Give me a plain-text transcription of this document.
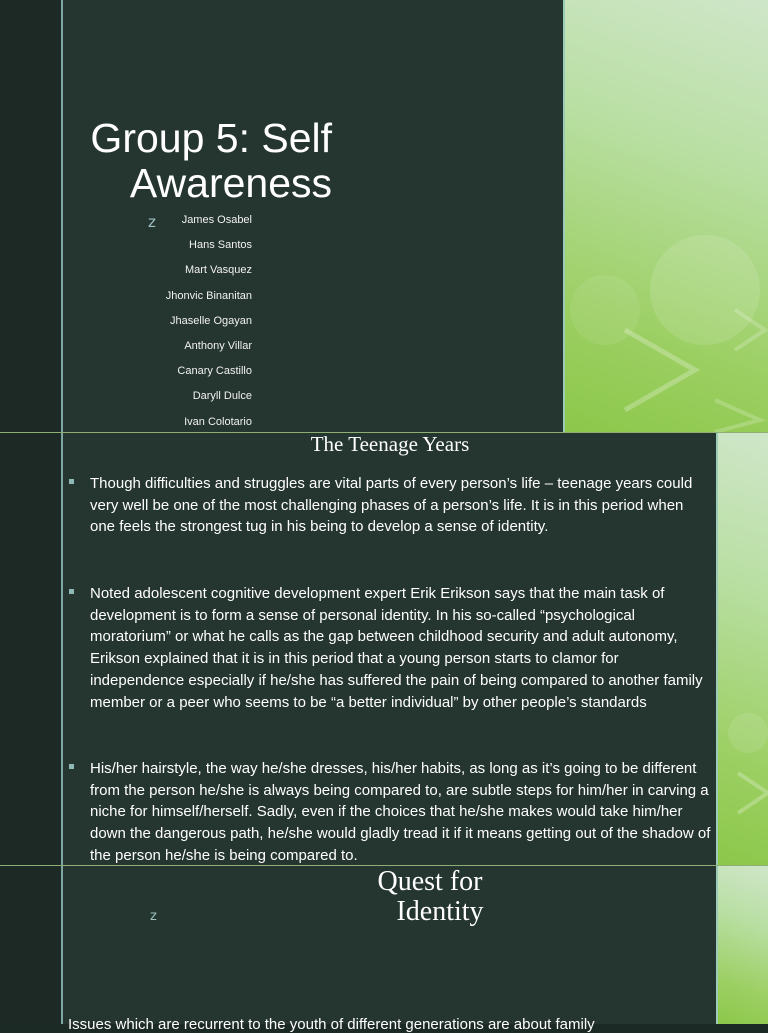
Group 5: Self
Awareness
z	James Osabel
Hans Santos
Mart Vasquez
Jhonvic Binanitan
Jhaselle Ogayan
Anthony Villar
Canary Castillo
Daryll Dulce
Ivan Colotario
The Teenage Years
Though difficulties and struggles are vital parts of every person’s life – teenage years could very well be one of the most challenging phases of a person’s life. It is in this period when one feels the strongest tug in his being to develop a sense of identity.
Noted adolescent cognitive development expert Erik Erikson says that the main task of development is to form a sense of personal identity. In his so-called “psychological moratorium” or what he calls as the gap between childhood security and adult autonomy, Erikson explained that it is in this period that a young person starts to clamor for independence especially if he/she has suffered the pain of being compared to another family member or a peer who seems to be “a better individual” by other people’s standards
His/her hairstyle, the way he/she dresses, his/her habits, as long as it’s going to be different from the person he/she is always being compared to, are subtle steps for him/her in carving a niche for himself/herself. Sadly, even if the choices that he/she makes would take him/her down the dangerous path, he/she would gladly tread it if it means getting out of the shadow of the person he/she is being compared to.
Quest for
Identity
z
Issues which are recurrent to the youth of different generations are about family
